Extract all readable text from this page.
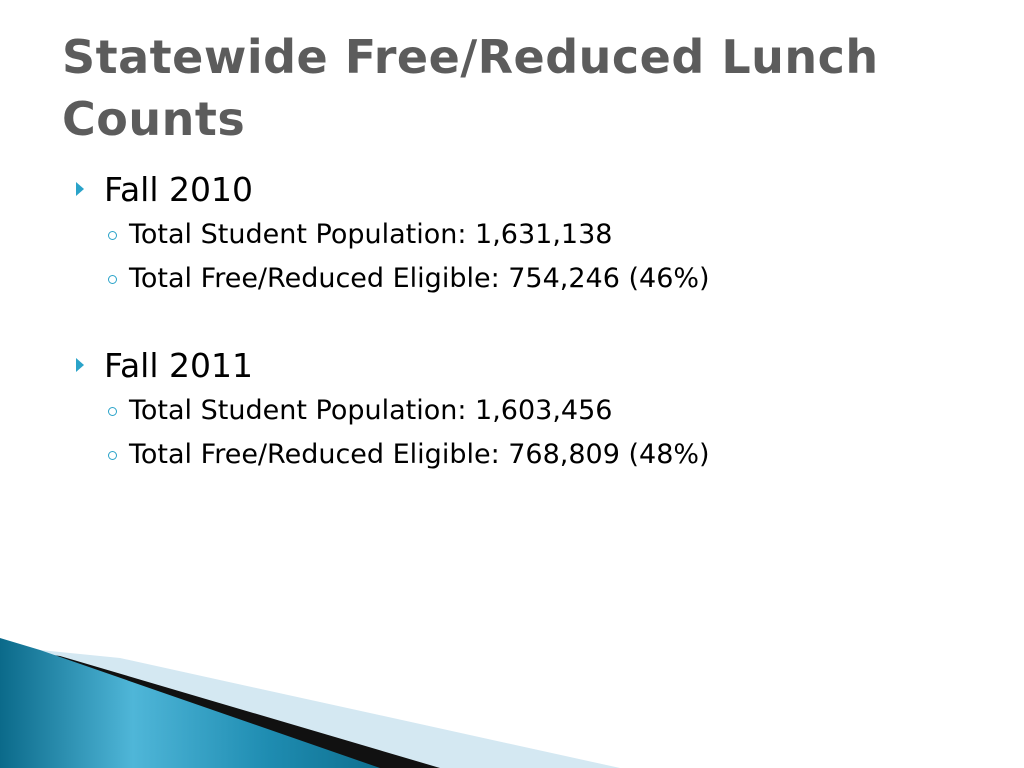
Statewide Free/Reduced Lunch Counts
Fall 2010
Total Student Population: 1,631,138
Total Free/Reduced Eligible: 754,246 (46%)
Fall 2011
Total Student Population: 1,603,456
Total Free/Reduced Eligible: 768,809 (48%)
